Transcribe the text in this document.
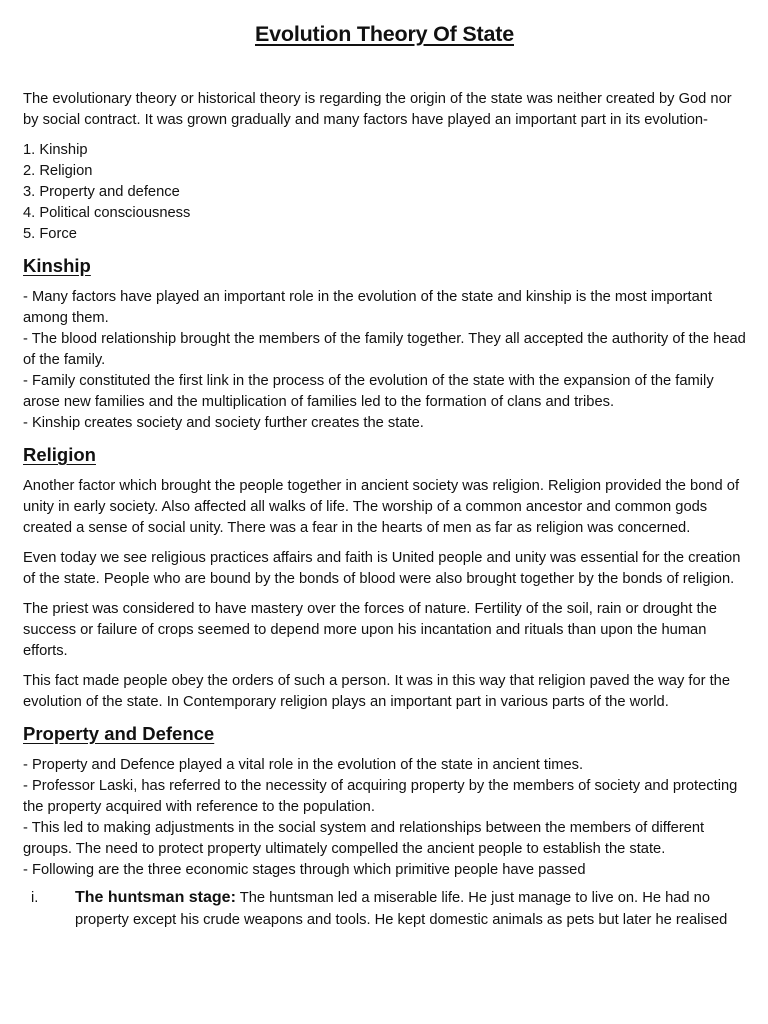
Evolution Theory Of State

The evolutionary theory or historical theory is regarding the origin of the state was neither created by God nor by social contract. It was grown gradually and many factors have played an important part in its evolution-

1. Kinship
2. Religion
3. Property and defence
4. Political consciousness
5. Force
Kinship

- Many factors have played an important role in the evolution of the state and kinship is the most important among them.
- The blood relationship brought the members of the family together. They all accepted the authority of the head of the family.
- Family constituted the first link in the process of the evolution of the state with the expansion of the family arose new families and the multiplication of families led to the formation of clans and tribes.
- Kinship creates society and society further creates the state.

Religion

Another factor which brought the people together in ancient society was religion. Religion provided the bond of unity in early society. Also affected all walks of life. The worship of a common ancestor and common gods created a sense of social unity. There was a fear in the hearts of men as far as religion was concerned.

Even today we see religious practices affairs and faith is United people and unity was essential for the creation of the state. People who are bound by the bonds of blood were also brought together by the bonds of religion.

The priest was considered to have mastery over the forces of nature. Fertility of the soil, rain or drought the success or failure of crops seemed to depend more upon his incantation and rituals than upon the human efforts.

This fact made people obey the orders of such a person. It was in this way that religion paved the way for the evolution of the state. In Contemporary religion plays an important part in various parts of the world.

Property and Defence

- Property and Defence played a vital role in the evolution of the state in ancient times.
- Professor Laski, has referred to the necessity of acquiring property by the members of society and protecting the property acquired with reference to the population.
- This led to making adjustments in the social system and relationships between the members of different groups. The need to protect property ultimately compelled the ancient people to establish the state.
- Following are the three economic stages through which primitive people have passed

i.	The huntsman stage: The huntsman led a miserable life. He just manage to live on. He had no property except his crude weapons and tools. He kept domestic animals as pets but later he realised
